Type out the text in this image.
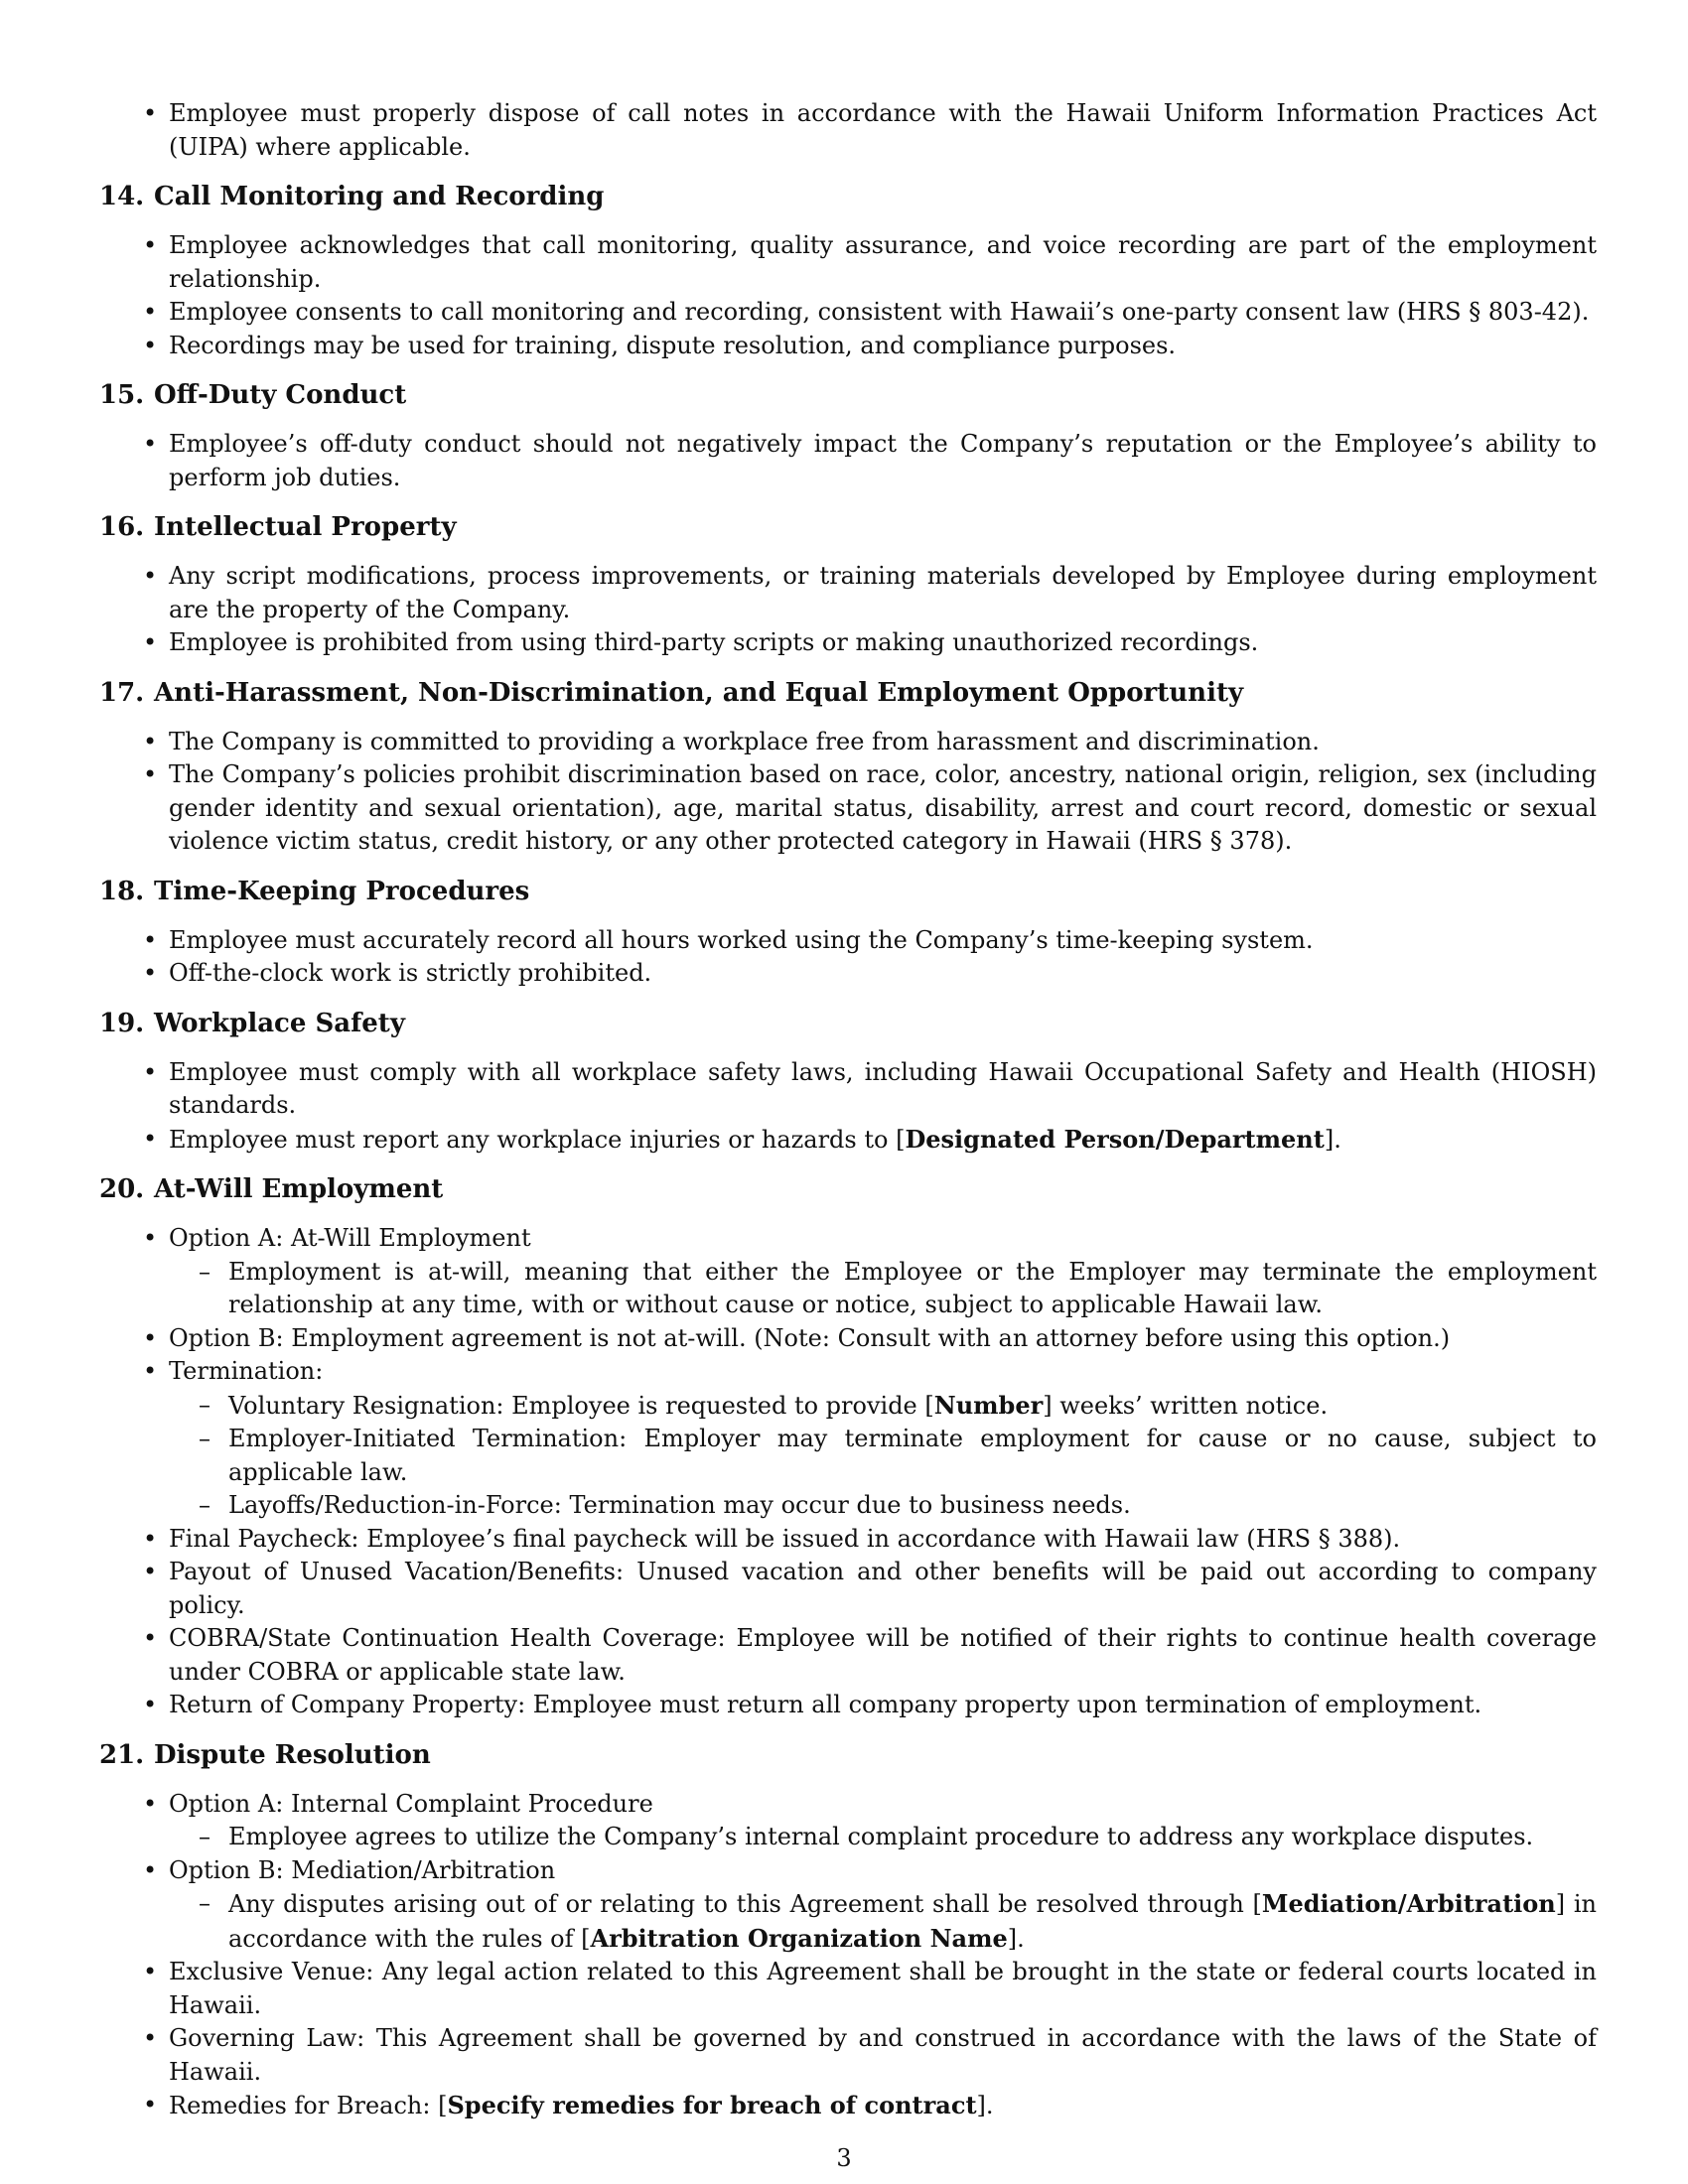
• Employee must properly dispose of call notes in accordance with the Hawaii Uniform Information Practices Act (UIPA) where applicable.
14. Call Monitoring and Recording
• Employee acknowledges that call monitoring, quality assurance, and voice recording are part of the employment relationship.
• Employee consents to call monitoring and recording, consistent with Hawaii’s one-party consent law (HRS § 803-42).
• Recordings may be used for training, dispute resolution, and compliance purposes.
15. Off-Duty Conduct
• Employee’s off-duty conduct should not negatively impact the Company’s reputation or the Employee’s ability to perform job duties.
16. Intellectual Property
• Any script modifications, process improvements, or training materials developed by Employee during employment are the property of the Company.
• Employee is prohibited from using third-party scripts or making unauthorized recordings.
17. Anti-Harassment, Non-Discrimination, and Equal Employment Opportunity
• The Company is committed to providing a workplace free from harassment and discrimination.
• The Company’s policies prohibit discrimination based on race, color, ancestry, national origin, religion, sex (including gender identity and sexual orientation), age, marital status, disability, arrest and court record, domestic or sexual violence victim status, credit history, or any other protected category in Hawaii (HRS § 378).
18. Time-Keeping Procedures
• Employee must accurately record all hours worked using the Company’s time-keeping system.
• Off-the-clock work is strictly prohibited.
19. Workplace Safety
• Employee must comply with all workplace safety laws, including Hawaii Occupational Safety and Health (HIOSH) standards.
• Employee must report any workplace injuries or hazards to [Designated Person/Department].
20. At-Will Employment
• Option A: At-Will Employment
– Employment is at-will, meaning that either the Employee or the Employer may terminate the employment relationship at any time, with or without cause or notice, subject to applicable Hawaii law.
• Option B: Employment agreement is not at-will. (Note: Consult with an attorney before using this option.)
• Termination:
– Voluntary Resignation: Employee is requested to provide [Number] weeks’ written notice.
– Employer-Initiated Termination: Employer may terminate employment for cause or no cause, subject to applicable law.
– Layoffs/Reduction-in-Force: Termination may occur due to business needs.
• Final Paycheck: Employee’s final paycheck will be issued in accordance with Hawaii law (HRS § 388).
• Payout of Unused Vacation/Benefits: Unused vacation and other benefits will be paid out according to company policy.
• COBRA/State Continuation Health Coverage: Employee will be notified of their rights to continue health coverage under COBRA or applicable state law.
• Return of Company Property: Employee must return all company property upon termination of employment.
21. Dispute Resolution
• Option A: Internal Complaint Procedure
– Employee agrees to utilize the Company’s internal complaint procedure to address any workplace disputes.
• Option B: Mediation/Arbitration
– Any disputes arising out of or relating to this Agreement shall be resolved through [Mediation/Arbitration] in accordance with the rules of [Arbitration Organization Name].
• Exclusive Venue: Any legal action related to this Agreement shall be brought in the state or federal courts located in Hawaii.
• Governing Law: This Agreement shall be governed by and construed in accordance with the laws of the State of Hawaii.
• Remedies for Breach: [Specify remedies for breach of contract].
3
